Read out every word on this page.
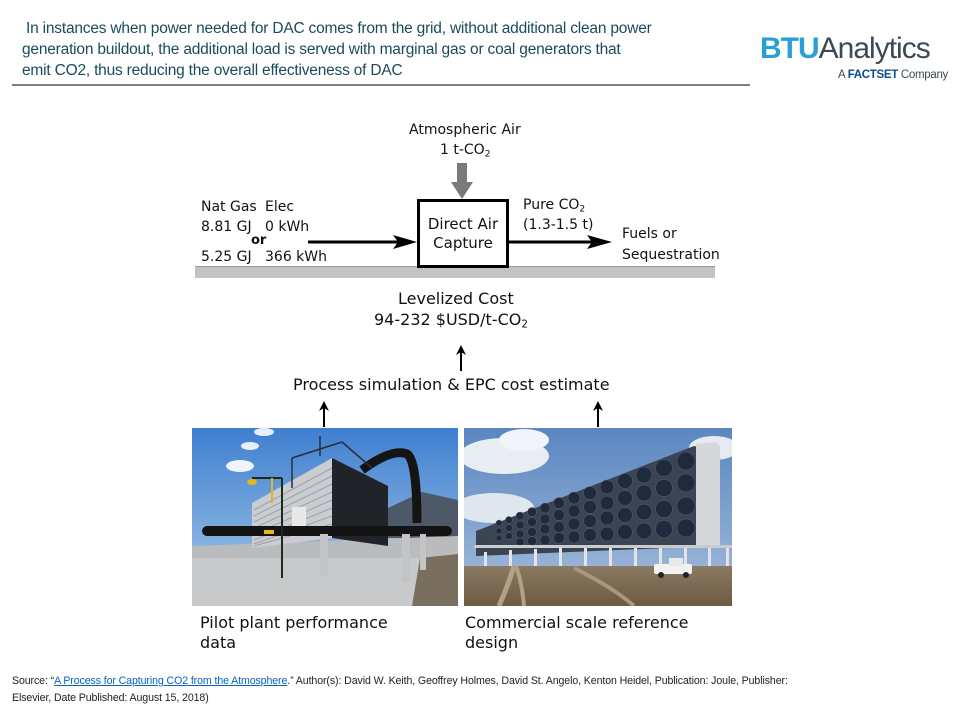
In instances when power needed for DAC comes from the grid, without additional clean power
generation buildout, the additional load is served with marginal gas or coal generators that
emit CO2, thus reducing the overall effectiveness of DAC
BTUAnalytics
A FACTSET Company
Atmospheric Air
1 $t-CO_2$
Nat Gas Elec
8.81 GJ 0 kWh
or
5.25 GJ 366 kWh
Direct Air
Capture
Pure $CO_2$
(1.3-1.5 t)
Fuels or
Sequestration
Levelized Cost
94-232 $\$USD/t-CO_2$
Process simulation & EPC cost estimate
Pilot plant performance
data
Commercial scale reference
design
Source: “A Process for Capturing CO2 from the Atmosphere.” Author(s): David W. Keith, Geoffrey Holmes, David St. Angelo, Kenton Heidel, Publication: Joule, Publisher:
Elsevier, Date Published: August 15, 2018)
